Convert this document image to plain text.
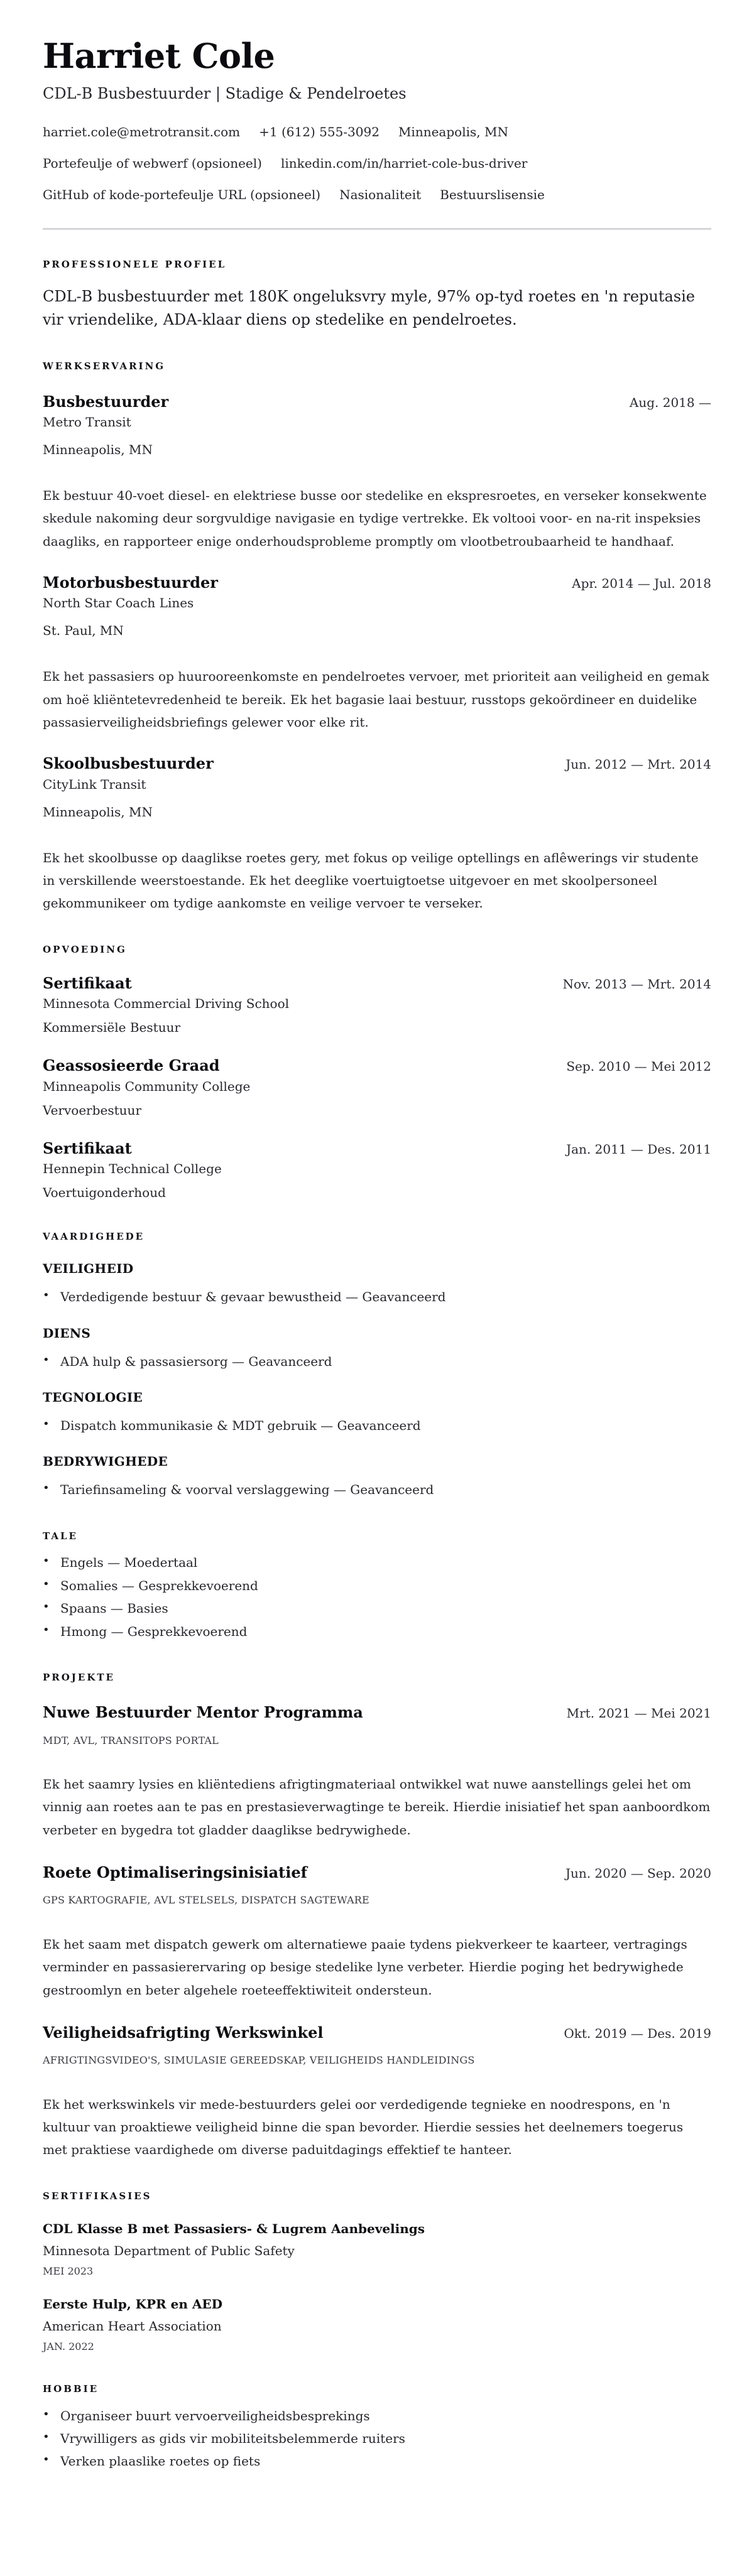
Harriet Cole
CDL-B Busbestuurder | Stadige & Pendelroetes
harriet.cole@metrotransit.com +1 (612) 555-3092 Minneapolis, MN
Portefeulje of webwerf (opsioneel) linkedin.com/in/harriet-cole-bus-driver
GitHub of kode-portefeulje URL (opsioneel) Nasionaliteit Bestuurslisensie
PROFESSIONELE PROFIEL

CDL-B busbestuurder met 180K ongeluksvry myle, 97% op-tyd roetes en 'n reputasie vir vriendelike, ADA-klaar diens op stedelike en pendelroetes.

WERKSERVARING
Busbestuurder	Aug. 2018 —
Metro Transit
Minneapolis, MN

Ek bestuur 40-voet diesel- en elektriese busse oor stedelike en ekspresroetes, en verseker konsekwente skedule nakoming deur sorgvuldige navigasie en tydige vertrekke. Ek voltooi voor- en na-rit inspeksies daagliks, en rapporteer enige onderhoudsprobleme promptly om vlootbetroubaarheid te handhaaf.

Motorbusbestuurder	Apr. 2014 — Jul. 2018
North Star Coach Lines
St. Paul, MN

Ek het passasiers op huurooreenkomste en pendelroetes vervoer, met prioriteit aan veiligheid en gemak om hoë kliëntetevredenheid te bereik. Ek het bagasie laai bestuur, russtops gekoördineer en duidelike passasierveiligheidsbriefings gelewer voor elke rit.

Skoolbusbestuurder	Jun. 2012 — Mrt. 2014
CityLink Transit
Minneapolis, MN

Ek het skoolbusse op daaglikse roetes gery, met fokus op veilige optellings en aflêwerings vir studente in verskillende weerstoestande. Ek het deeglike voertuigtoetse uitgevoer en met skoolpersoneel gekommunikeer om tydige aankomste en veilige vervoer te verseker.

OPVOEDING
Sertifikaat	Nov. 2013 — Mrt. 2014
Minnesota Commercial Driving School
Kommersiële Bestuur
Geassosieerde Graad	Sep. 2010 — Mei 2012
Minneapolis Community College
Vervoerbestuur
Sertifikaat	Jan. 2011 — Des. 2011
Hennepin Technical College
Voertuigonderhoud
VAARDIGHEDE
VEILIGHEID
• Verdedigende bestuur & gevaar bewustheid — Geavanceerd
DIENS
• ADA hulp & passasiersorg — Geavanceerd
TEGNOLOGIE
• Dispatch kommunikasie & MDT gebruik — Geavanceerd
BEDRYWIGHEDE
• Tariefinsameling & voorval verslaggewing — Geavanceerd
TALE
• Engels — Moedertaal
• Somalies — Gesprekkevoerend
• Spaans — Basies
• Hmong — Gesprekkevoerend
PROJEKTE
Nuwe Bestuurder Mentor Programma	Mrt. 2021 — Mei 2021
MDT, AVL, TRANSITOPS PORTAL

Ek het saamry lysies en kliëntediens afrigtingmateriaal ontwikkel wat nuwe aanstellings gelei het om vinnig aan roetes aan te pas en prestasieverwagtinge te bereik. Hierdie inisiatief het span aanboordkom verbeter en bygedra tot gladder daaglikse bedrywighede.

Roete Optimaliseringsinisiatief	Jun. 2020 — Sep. 2020
GPS KARTOGRAFIE, AVL STELSELS, DISPATCH SAGTEWARE

Ek het saam met dispatch gewerk om alternatiewe paaie tydens piekverkeer te kaarteer, vertragings verminder en passasierervaring op besige stedelike lyne verbeter. Hierdie poging het bedrywighede gestroomlyn en beter algehele roeteeffektiwiteit ondersteun.

Veiligheidsafrigting Werkswinkel	Okt. 2019 — Des. 2019
AFRIGTINGSVIDEO'S, SIMULASIE GEREEDSKAP, VEILIGHEIDS HANDLEIDINGS

Ek het werkswinkels vir mede-bestuurders gelei oor verdedigende tegnieke en noodrespons, en 'n kultuur van proaktiewe veiligheid binne die span bevorder. Hierdie sessies het deelnemers toegerus met praktiese vaardighede om diverse paduitdagings effektief te hanteer.

SERTIFIKASIES
CDL Klasse B met Passasiers- & Lugrem Aanbevelings
Minnesota Department of Public Safety
MEI 2023
Eerste Hulp, KPR en AED
American Heart Association
JAN. 2022
HOBBIE
• Organiseer buurt vervoerveiligheidsbesprekings
• Vrywilligers as gids vir mobiliteitsbelemmerde ruiters
• Verken plaaslike roetes op fiets
